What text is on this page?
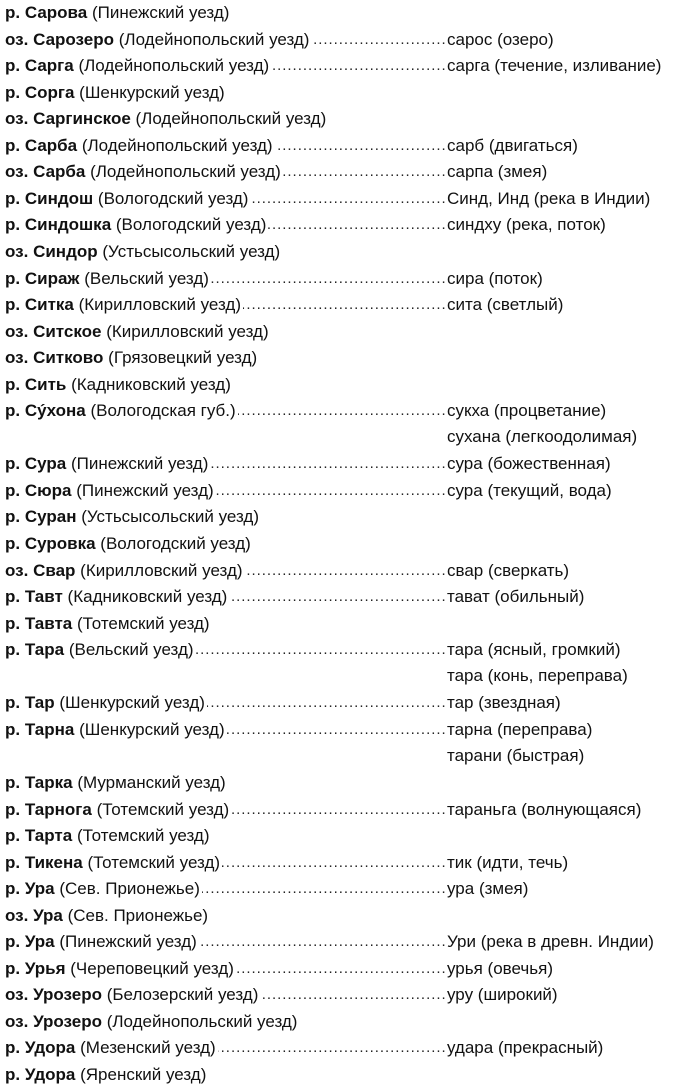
р. Сарова (Пинежский уезд)
оз. Сарозеро (Лодейнопольский уезд) . . .	сарос (озеро)
р. Сарга (Лодейнопольский уезд) . . .	сарга (течение, изливание)
р. Сорга (Шенкурский уезд)
оз. Саргинское (Лодейнопольский уезд)
р. Сарба (Лодейнопольский уезд) . . .	сарб (двигаться)
оз. Сарба (Лодейнопольский уезд) . . .	сарпа (змея)
р. Синдош (Вологодский уезд) . . .	Синд, Инд (река в Индии)
р. Синдошка (Вологодский уезд) . . .	синдху (река, поток)
оз. Синдор (Устьсысольский уезд)
р. Сираж (Вельский уезд) . . .	сира (поток)
р. Ситка (Кирилловский уезд) . . .	сита (светлый)
оз. Ситское (Кирилловский уезд)
оз. Ситково (Грязовецкий уезд)
р. Сить (Кадниковский уезд)
р. Сýхона (Вологодская губ.) . . .	сукха (процветание)
сухана (легкоодолимая)
р. Сура (Пинежский уезд) . . .	сура (божественная)
р. Сюра (Пинежский уезд) . . .	сура (текущий, вода)
р. Суран (Устьсысольский уезд)
р. Суровка (Вологодский уезд)
оз. Свар (Кирилловский уезд) . . .	свар (сверкать)
р. Тавт (Кадниковский уезд) . . .	тават (обильный)
р. Тавта (Тотемский уезд)
р. Тара (Вельский уезд) . . .	тара (ясный, громкий)
тара (конь, переправа)
р. Тар (Шенкурский уезд) . . .	тар (звездная)
р. Тарна (Шенкурский уезд) . . .	тарна (переправа)
тарани (быстрая)
р. Тарка (Мурманский уезд)
р. Тарнога (Тотемский уезд) . . .	тараньга (волнующаяся)
р. Тарта (Тотемский уезд)
р. Тикена (Тотемский уезд) . . .	тик (идти, течь)
р. Ура (Сев. Прионежье) . . .	ура (змея)
оз. Ура (Сев. Прионежье)
р. Ура (Пинежский уезд) . . .	Ури (река в древн. Индии)
р. Урья (Череповецкий уезд) . . .	урья (овечья)
оз. Урозеро (Белозерский уезд) . . .	уру (широкий)
оз. Урозеро (Лодейнопольский уезд)
р. Удора (Мезенский уезд) . . .	удара (прекрасный)
р. Удора (Яренский уезд)
